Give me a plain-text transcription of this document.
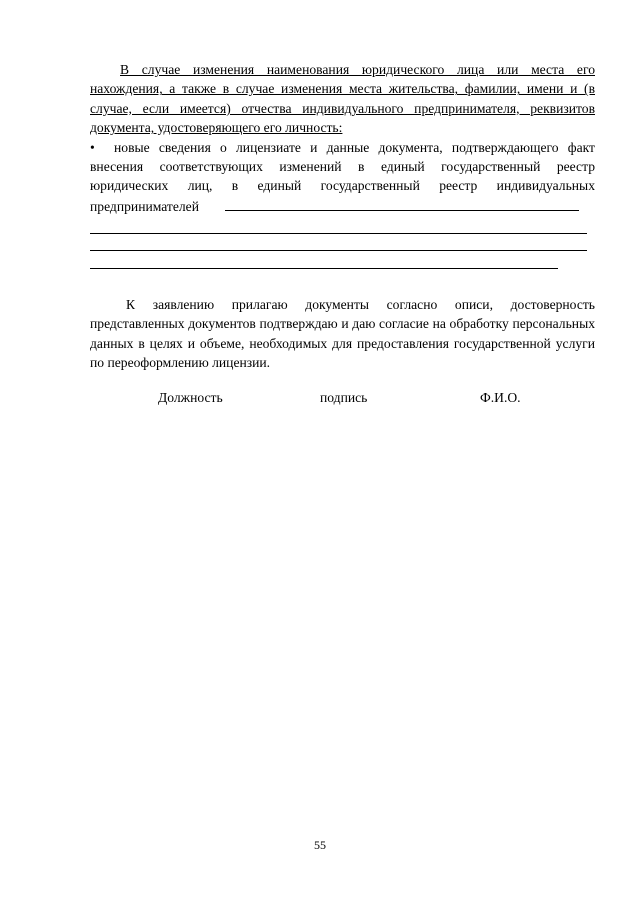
В случае изменения наименования юридического лица или места его нахождения, а также в случае изменения места жительства, фамилии, имени и (в случае, если имеется) отчества индивидуального предпринимателя, реквизитов документа, удостоверяющего его личность:

• новые сведения о лицензиате и данные документа, подтверждающего факт внесения соответствующих изменений в единый государственный реестр юридических лиц, в единый государственный реестр индивидуальных предпринимателей

К заявлению прилагаю документы согласно описи, достоверность представленных документов подтверждаю и даю согласие на обработку персональных данных в целях и объеме, необходимых для предоставления государственной услуги по переоформлению лицензии.

Должность	подпись	Ф.И.О.
55
